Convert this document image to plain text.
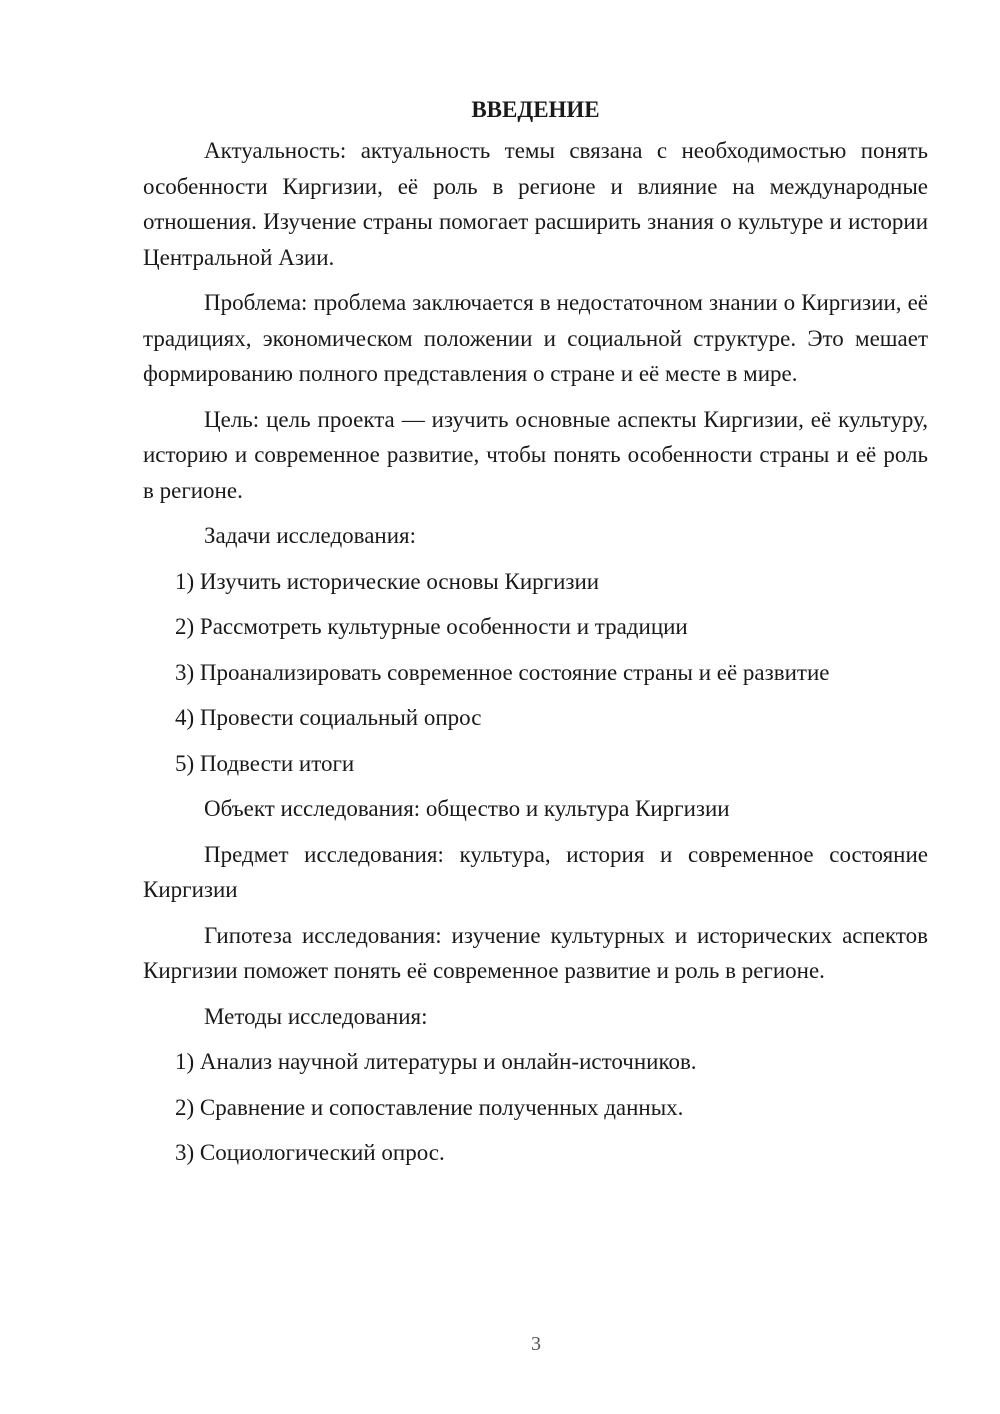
ВВЕДЕНИЕ

Актуальность: актуальность темы связана с необходимостью понять особенности Киргизии, её роль в регионе и влияние на международные отношения. Изучение страны помогает расширить знания о культуре и истории Центральной Азии.

Проблема: проблема заключается в недостаточном знании о Киргизии, её традициях, экономическом положении и социальной структуре. Это мешает формированию полного представления о стране и её месте в мире.

Цель: цель проекта — изучить основные аспекты Киргизии, её культуру, историю и современное развитие, чтобы понять особенности страны и её роль в регионе.

Задачи исследования:
1) Изучить исторические основы Киргизии
2) Рассмотреть культурные особенности и традиции
3) Проанализировать современное состояние страны и её развитие
4) Провести социальный опрос
5) Подвести итоги
Объект исследования: общество и культура Киргизии

Предмет исследования: культура, история и современное состояние Киргизии

Гипотеза исследования: изучение культурных и исторических аспектов Киргизии поможет понять её современное развитие и роль в регионе.

Методы исследования:
1) Анализ научной литературы и онлайн-источников.
2) Сравнение и сопоставление полученных данных.
3) Социологический опрос.
3
